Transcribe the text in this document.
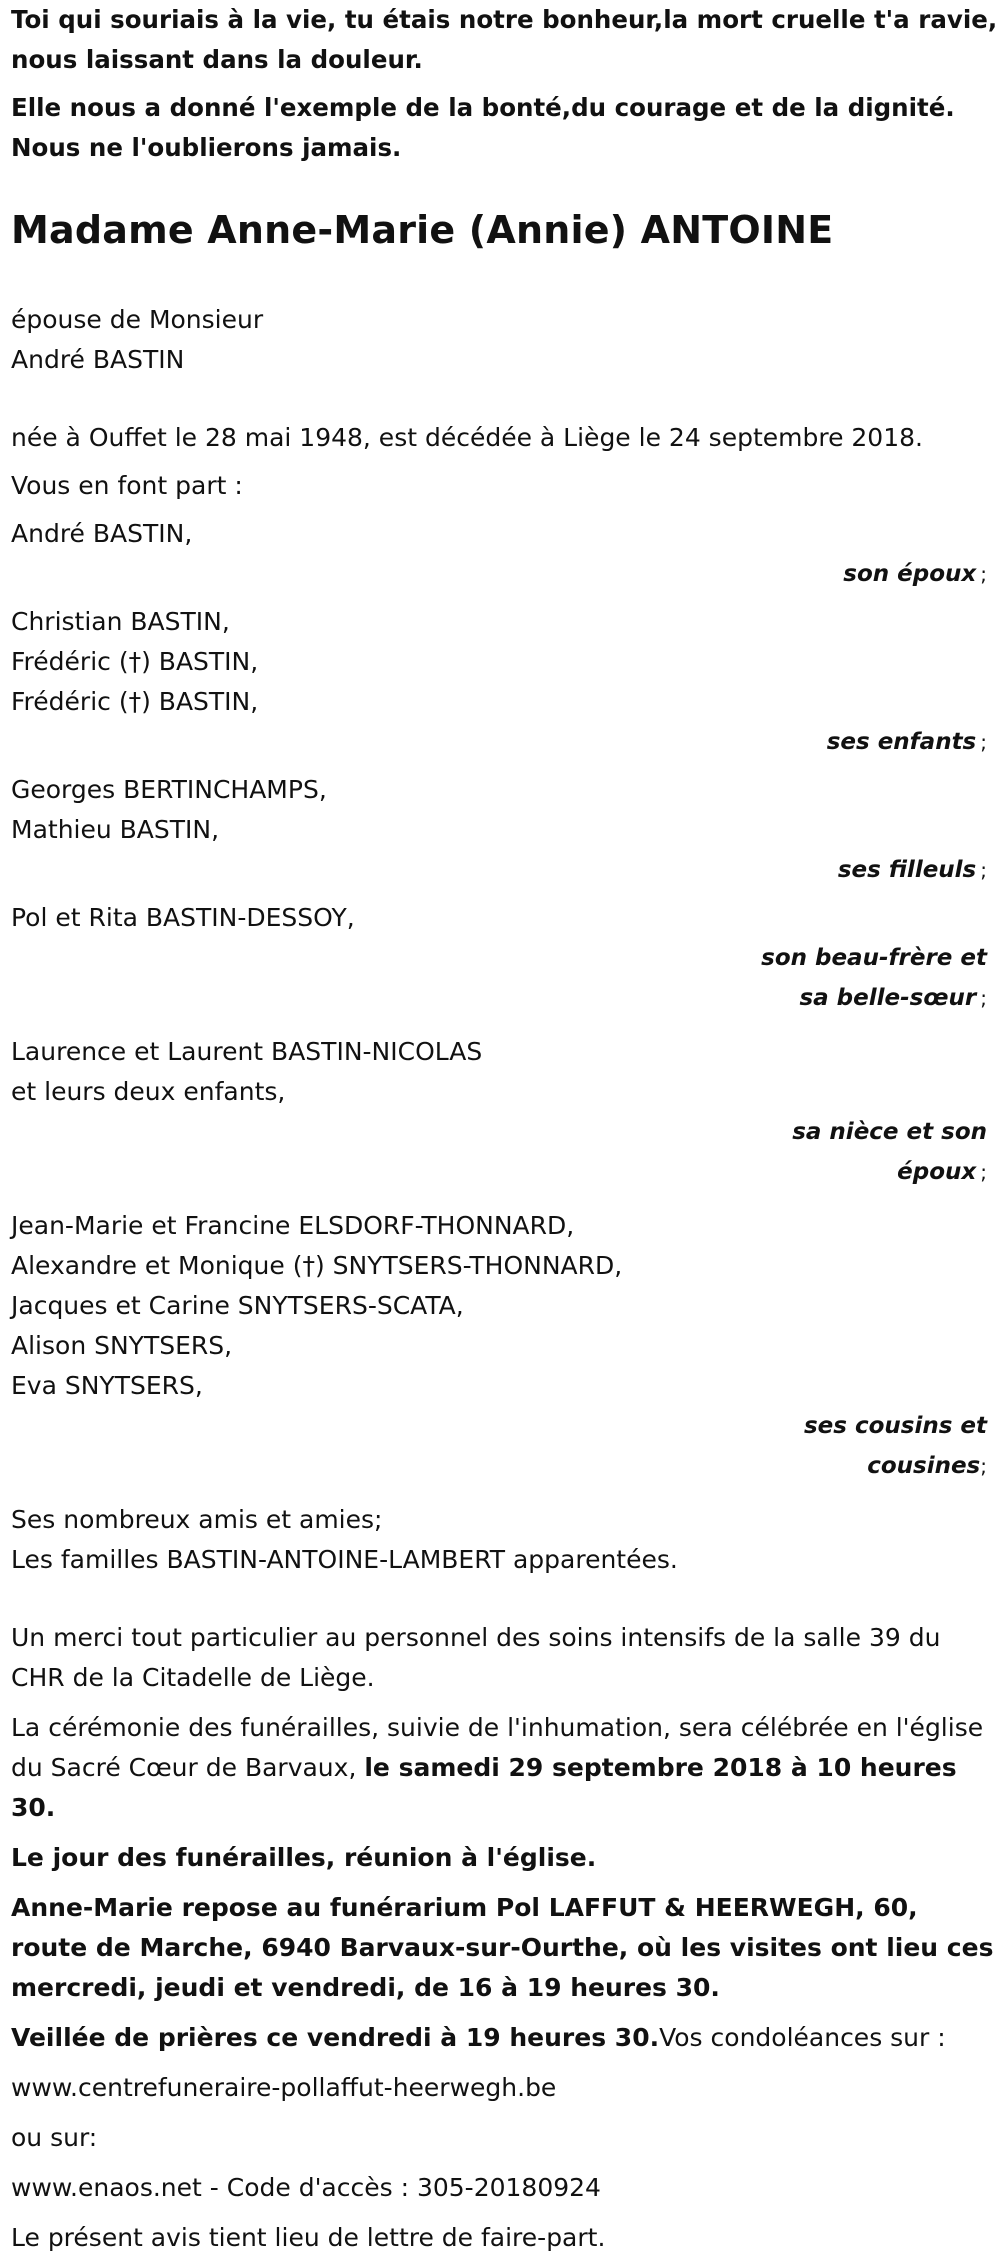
Toi qui souriais à la vie, tu étais notre bonheur,la mort cruelle t'a ravie, nous laissant dans la douleur.

Elle nous a donné l'exemple de la bonté,du courage et de la dignité. Nous ne l'oublierons jamais.

Madame Anne-Marie (Annie) ANTOINE

épouse de Monsieur

André BASTIN

née à Ouffet le 28 mai 1948, est décédée à Liège le 24 septembre 2018.

Vous en font part :

André BASTIN,

son époux ;

Christian BASTIN,

Frédéric (†) BASTIN,

Frédéric (†) BASTIN,

ses enfants ;

Georges BERTINCHAMPS,

Mathieu BASTIN,

ses filleuls ;

Pol et Rita BASTIN-DESSOY,

son beau-frère et

sa belle-sœur ;

Laurence et Laurent BASTIN-NICOLAS

et leurs deux enfants,

sa nièce et son

époux ;

Jean-Marie et Francine ELSDORF-THONNARD,

Alexandre et Monique (†) SNYTSERS-THONNARD,

Jacques et Carine SNYTSERS-SCATA,

Alison SNYTSERS,

Eva SNYTSERS,

ses cousins et

cousines;

Ses nombreux amis et amies;

Les familles BASTIN-ANTOINE-LAMBERT apparentées.

Un merci tout particulier au personnel des soins intensifs de la salle 39 du CHR de la Citadelle de Liège.

La cérémonie des funérailles, suivie de l'inhumation, sera célébrée en l'église du Sacré Cœur de Barvaux, le samedi 29 septembre 2018 à 10 heures 30.

Le jour des funérailles, réunion à l'église.

Anne-Marie repose au funérarium Pol LAFFUT & HEERWEGH, 60, route de Marche, 6940 Barvaux-sur-Ourthe, où les visites ont lieu ces mercredi, jeudi et vendredi, de 16 à 19 heures 30.

Veillée de prières ce vendredi à 19 heures 30.Vos condoléances sur :

www.centrefuneraire-pollaffut-heerwegh.be

ou sur:

www.enaos.net - Code d'accès : 305-20180924

Le présent avis tient lieu de lettre de faire-part.
